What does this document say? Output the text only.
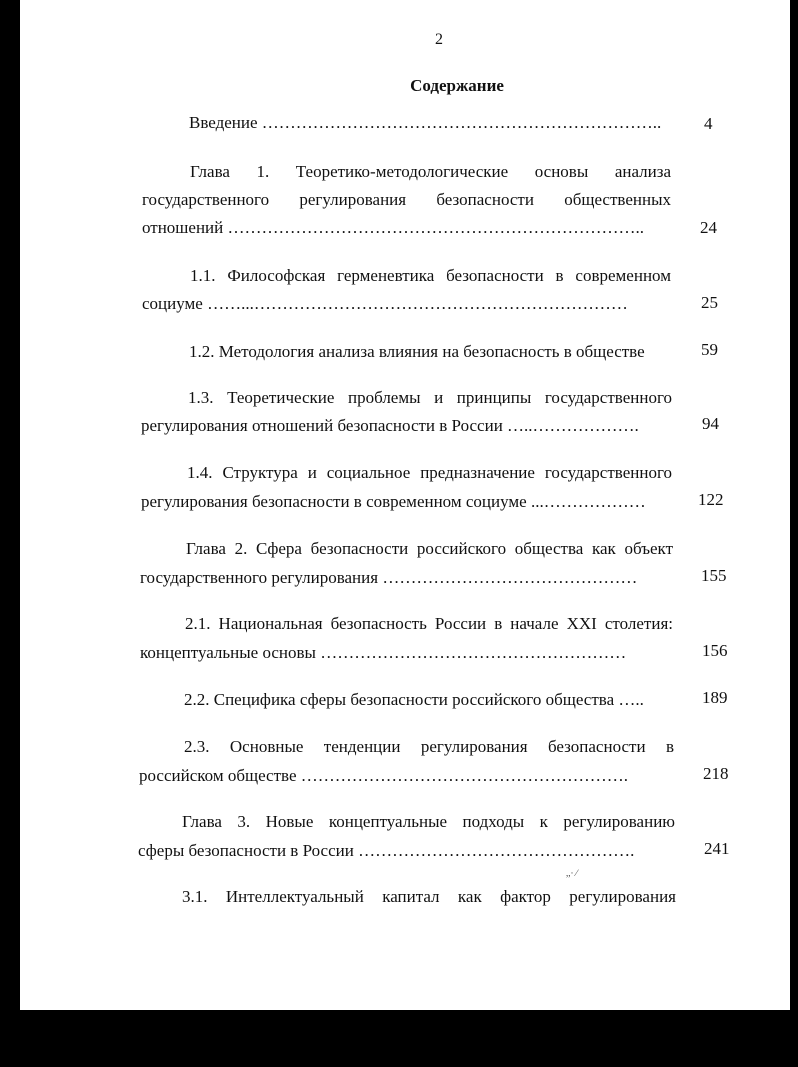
2
Содержание
Введение ……………………………………………………………..	4
Глава 1. Теоретико-методологические основы анализа
государственного регулирования безопасности общественных
отношений ………………………………………………………………..	24
1.1. Философская герменевтика безопасности в современном
социуме ……...…………………………………………………………	25
1.2. Методология анализа влияния на безопасность в обществе	59
1.3. Теоретические проблемы и принципы государственного
регулирования отношений безопасности в России …..……………….	94
1.4. Структура и социальное предназначение государственного
регулирования безопасности в современном социуме ...………………	122
Глава 2. Сфера безопасности российского общества как объект
государственного регулирования ………………………………………	155
2.1. Национальная безопасность России в начале XXI столетия:
концептуальные основы ………………………………………………	156
2.2. Специфика сферы безопасности российского общества …..	189
2.3. Основные тенденции регулирования безопасности в
российском обществе ………………………………………………….	218
Глава 3. Новые концептуальные подходы к регулированию
сферы безопасности в России ………………………………………….	241
3.1. Интеллектуальный капитал как фактор регулирования
,,· ⁄
